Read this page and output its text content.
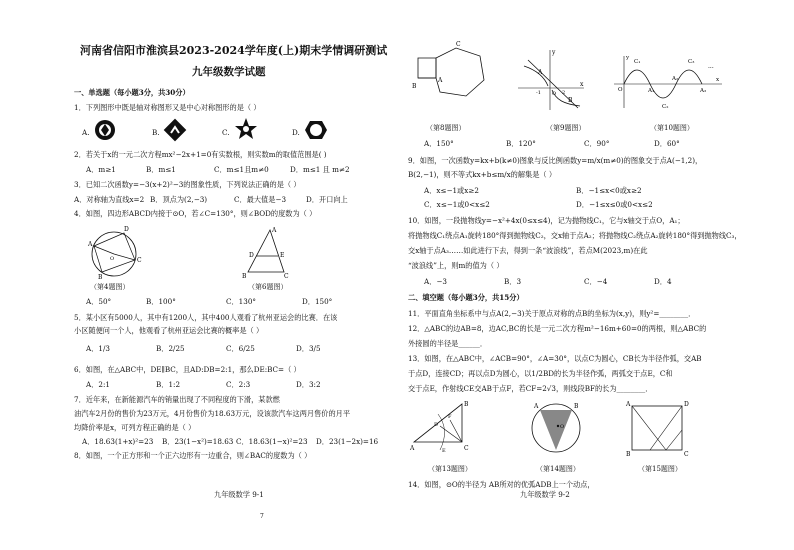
河南省信阳市淮滨县2023-2024学年度(上)期末学情调研测试
九年级数学试题
一、单选题（每小题3分，共30分）
1．下列图形中既是轴对称图形又是中心对称图形的是（ ）
A.	B.	C.	D.
2．若关于x的一元二次方程mx²−2x+1=0有实数根，则实数m的取值范围是( )
A．m≥1	B．m≤1	C．m≤1且m≠0	D．m≤1 且 m≠2
3．已知二次函数y=−3(x+2)²−3的图象性质，下列说法正确的是（ ）
A．对称轴为直线x=2 B．顶点为(2,−3)	C．最大值是−3	D．开口向上
4．如图，四边形ABCD内接于⊙O，若∠C=130°，则∠BOD的度数为（ ）
A
D
C
B
O
A
D	E
B	C
（第4题图）	（第6题图）
A．50°	B．100°	C．130°	D．150°
5．某小区有5000人，其中有1200人，其中400人观看了杭州亚运会的比赛．在该
小区随便问一个人，他观看了杭州亚运会比赛的概率是（ ）
A．1/3	B．2/25	C．6/25	D．3/5
6．如图，在△ABC中，DE∥BC，且AD:DB=2:1，那么DE:BC=（ ）
A．2:1	B．1:2	C．2:3	D．3:2
7．近年来，在新能源汽车的销量出现了不同程度的下滑，某款燃
油汽车2月份的售价为23万元，4月份售价为18.63万元，设该款汽车这两月售价的月平
均降价率是x，可列方程正确的是（ ）
A．18.63(1+x)²=23 B．23(1−x²)=18.63 C．18.63(1−x)²=23 D．23(1−2x)=16
8．如图，一个正方形和一个正六边形有一边重合，则∠BAC的度数为（ ）
九年级数学 9-1
7
B
A
C
A
B
O
x
y
-1	2
C₁
C₂
C₃
O	A₁
A₂
A₃
x
y
···
（第8题图）	（第9题图）	（第10题图）
A．150°	B．120°	C．90°	D．60°
9．如图，一次函数y=kx+b(k≠0)图象与反比例函数y=m/x(m≠0)的图象交于点A(−1,2)，
B(2,−1)，则不等式kx+b≤m/x的解集是（ ）
A．x≤−1或x≥2	B．−1≤x<0或x≥2
C．x≤−1或0<x≤2	D．−1≤x≤0或0<x≤2
10．如图，一段抛物线y=−x²+4x(0≤x≤4)，记为抛物线C₁，它与x轴交于点O，A₁；
将抛物线C₁绕点A₁旋转180°得到抛物线C₂，交x轴于点A₂；将抛物线C₂绕点A₂旋转180°得到抛物线C₃，
交x轴于点A₃……如此进行下去，得到一条“波浪线”，若点M(2023,m)在此
“波浪线”上，则m的值为（ ）
A．−3	B．3	C．−4	D．4
二、填空题（每小题3分，共15分）
11．平面直角坐标系中与点A(2,−3)关于原点对称的点B的坐标为(x,y)，则y²=________．
12．△ABC的边AB=8，边AC,BC的长是一元二次方程m²−16m+60=0的两根，则△ABC的
外接圆的半径是______．
13．如图，在△ABC中，∠ACB=90°，∠A=30°，以点C为圆心，CB长为半径作弧，交AB
于点D，连接CD；再以点D为圆心，以1/2BD的长为半径作弧，两弧交于点E，C和
交于点E，作射线CE交AB于点F，若CF=2√3，则线段BF的长为________．
A
B
C
D
F
E
O
A	B	A	D
B	C
（第13题图）	（第14题图）	（第15题图）
14．如图，⊙O的半径为 AB所对的优弧ADB上一个动点，
九年级数学 9-2
